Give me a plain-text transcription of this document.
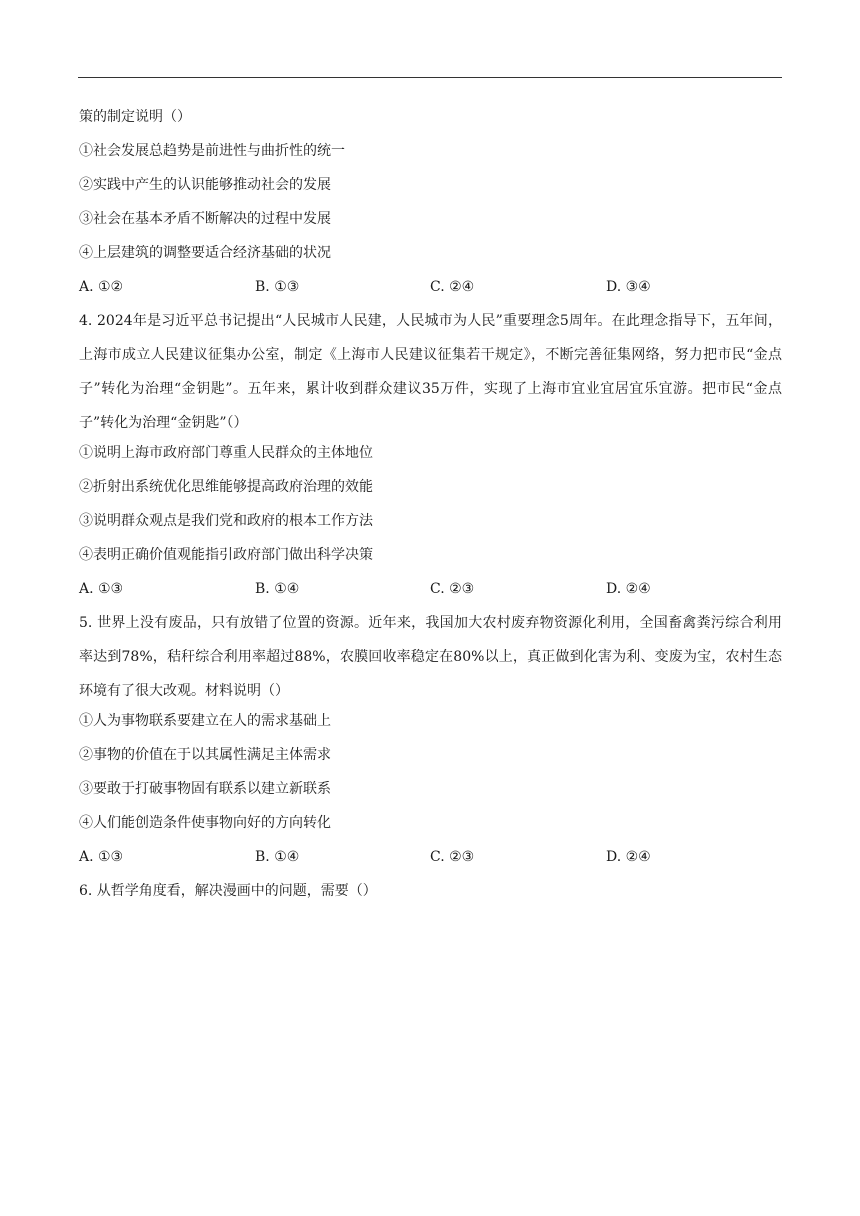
策的制定说明（）
①社会发展总趋势是前进性与曲折性的统一
②实践中产生的认识能够推动社会的发展
③社会在基本矛盾不断解决的过程中发展
④上层建筑的调整要适合经济基础的状况
A. ①②	B. ①③	C. ②④	D. ③④
4. 2024年是习近平总书记提出“人民城市人民建，人民城市为人民”重要理念5周年。在此理念指导下，五年间，上海市成立人民建议征集办公室，制定《上海市人民建议征集若干规定》，不断完善征集网络，努力把市民“金点子”转化为治理“金钥匙”。五年来，累计收到群众建议35万件，实现了上海市宜业宜居宜乐宜游。把市民“金点子”转化为治理“金钥匙”（）
①说明上海市政府部门尊重人民群众的主体地位
②折射出系统优化思维能够提高政府治理的效能
③说明群众观点是我们党和政府的根本工作方法
④表明正确价值观能指引政府部门做出科学决策
A. ①③	B. ①④	C. ②③	D. ②④
5. 世界上没有废品，只有放错了位置的资源。近年来，我国加大农村废弃物资源化利用，全国畜禽粪污综合利用率达到78%，秸秆综合利用率超过88%，农膜回收率稳定在80%以上，真正做到化害为利、变废为宝，农村生态环境有了很大改观。材料说明（）
①人为事物联系要建立在人的需求基础上
②事物的价值在于以其属性满足主体需求
③要敢于打破事物固有联系以建立新联系
④人们能创造条件使事物向好的方向转化
A. ①③	B. ①④	C. ②③	D. ②④
6. 从哲学角度看，解决漫画中的问题，需要（）
